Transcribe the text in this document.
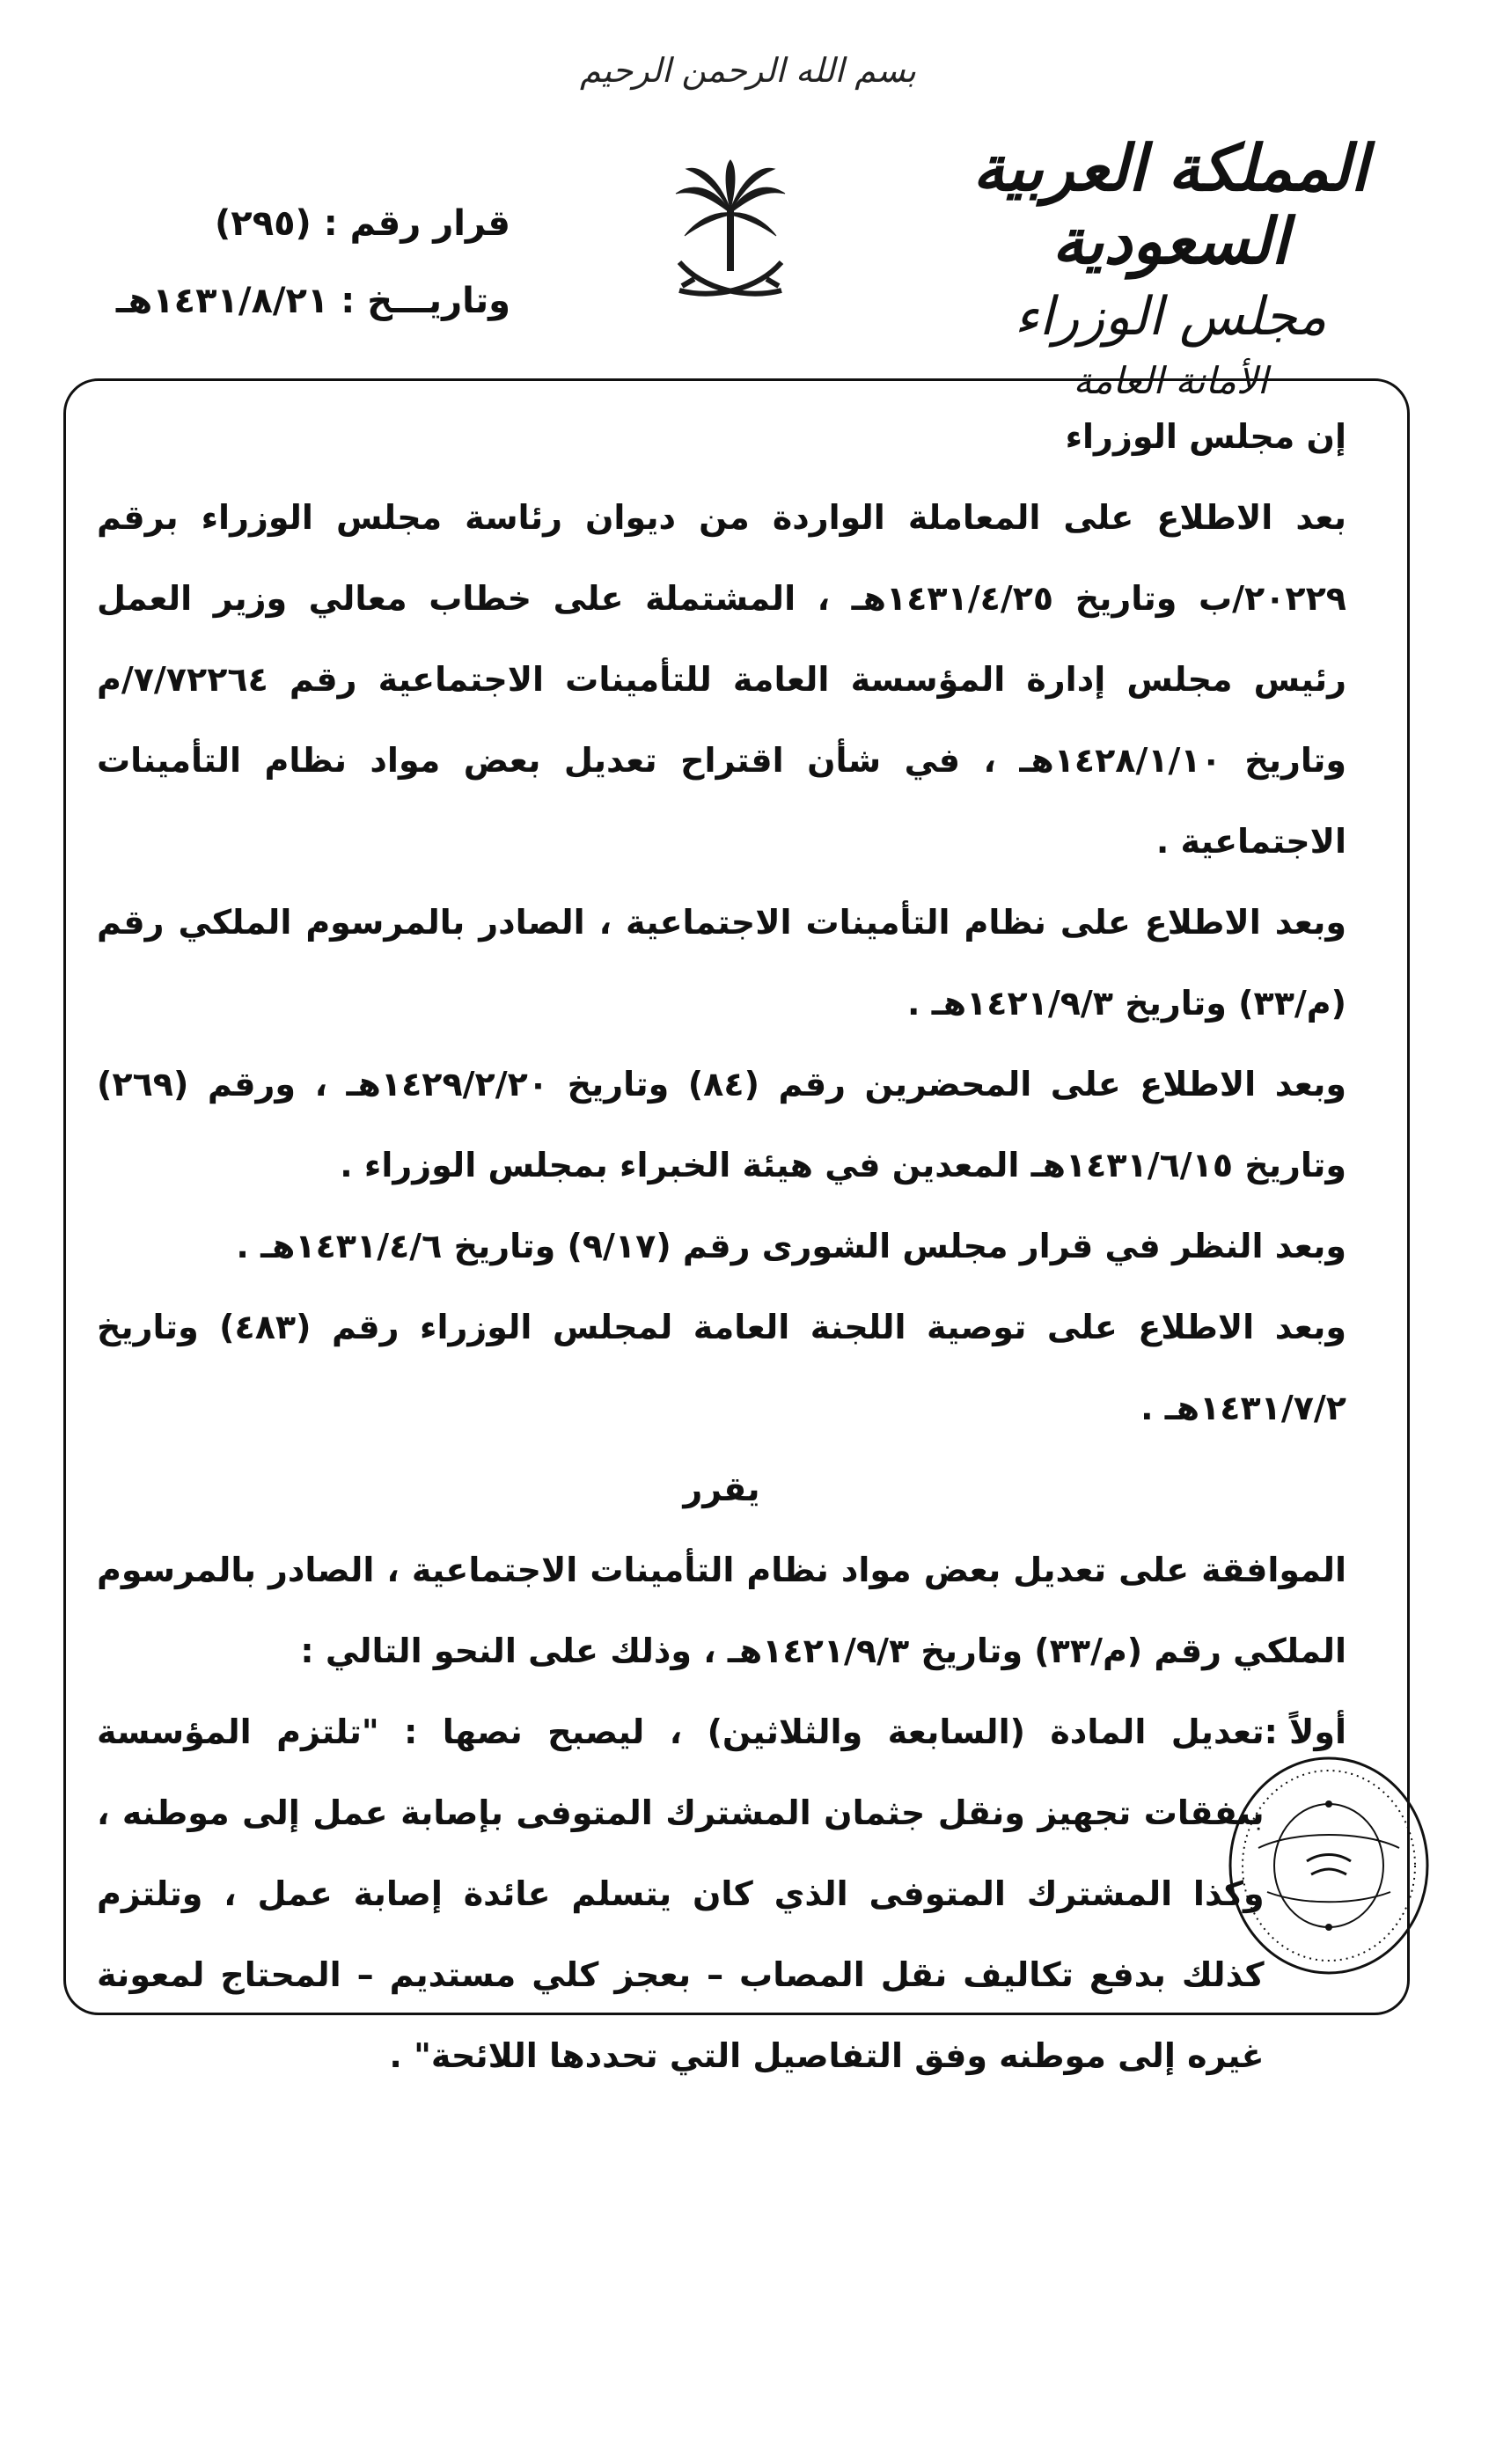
بسم الله الرحمن الرحيم
المملكة العربية السعودية
مجلس الوزراء
الأمانة العامة
قرار رقم : (٢٩٥)
وتاريـــخ : ١٤٣١/٨/٢١هـ

إن مجلس الوزراء

بعد الاطلاع على المعاملة الواردة من ديوان رئاسة مجلس الوزراء برقم ٢٠٢٢٩/ب وتاريخ ١٤٣١/٤/٢٥هـ ، المشتملة على خطاب معالي وزير العمل رئيس مجلس إدارة المؤسسة العامة للتأمينات الاجتماعية رقم ٧/٧٢٢٦٤/م وتاريخ ١٤٢٨/١/١٠هـ ، في شأن اقتراح تعديل بعض مواد نظام التأمينات الاجتماعية .

وبعد الاطلاع على نظام التأمينات الاجتماعية ، الصادر بالمرسوم الملكي رقم (م/٣٣) وتاريخ ١٤٢١/٩/٣هـ .

وبعد الاطلاع على المحضرين رقم (٨٤) وتاريخ ١٤٢٩/٢/٢٠هـ ، ورقم (٢٦٩) وتاريخ ١٤٣١/٦/١٥هـ المعدين في هيئة الخبراء بمجلس الوزراء .

وبعد النظر في قرار مجلس الشورى رقم (٩/١٧) وتاريخ ١٤٣١/٤/٦هـ .

وبعد الاطلاع على توصية اللجنة العامة لمجلس الوزراء رقم (٤٨٣) وتاريخ ١٤٣١/٧/٢هـ .

يقرر

الموافقة على تعديل بعض مواد نظام التأمينات الاجتماعية ، الصادر بالمرسوم الملكي رقم (م/٣٣) وتاريخ ١٤٢١/٩/٣هـ ، وذلك على النحو التالي :

أولاً :
تعديل المادة (السابعة والثلاثين) ، ليصبح نصها : "تلتزم المؤسسة بنفقات تجهيز ونقل جثمان المشترك المتوفى بإصابة عمل إلى موطنه ، وكذا المشترك المتوفى الذي كان يتسلم عائدة إصابة عمل ، وتلتزم كذلك بدفع تكاليف نقل المصاب – بعجز كلي مستديم – المحتاج لمعونة غيره إلى موطنه وفق التفاصيل التي تحددها اللائحة" .
